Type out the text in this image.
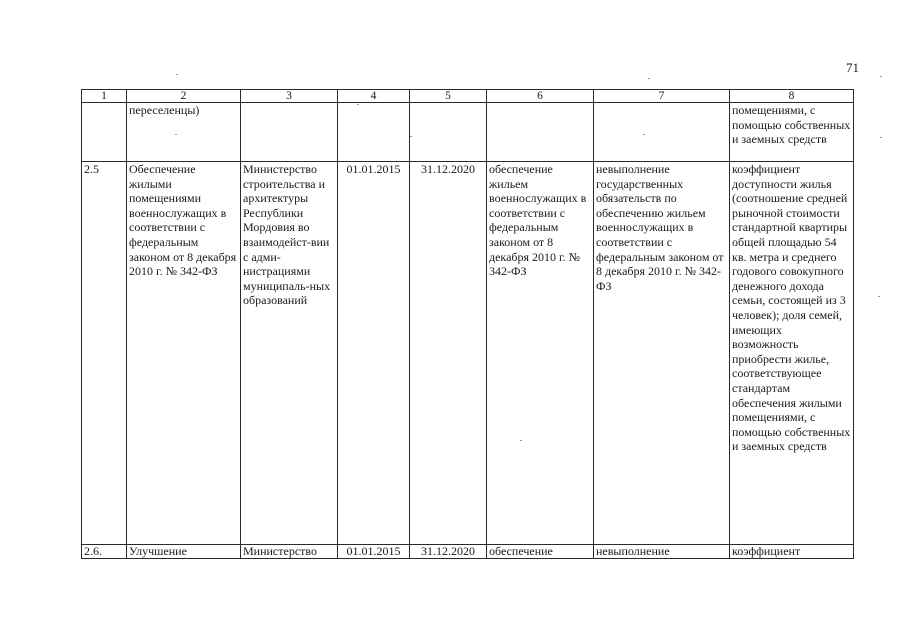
71
1	2	3	4	5	6	7	8
	переселенцы)						помещениями, с помощью собственных и заемных средств
2.5	Обеспечение жилыми помещениями военнослужащих в соответствии с федеральным законом от 8 декабря 2010 г. № 342-ФЗ	Министерство строительства и архитектуры Республики Мордовия во взаимодейст-вии с адми-нистрациями муниципаль-ных образований	01.01.2015	31.12.2020	обеспечение жильем военнослужащих в соответствии с федеральным законом от 8 декабря 2010 г. № 342-ФЗ	невыполнение государственных обязательств по обеспечению жильем военнослужащих в соответствии с федеральным законом от 8 декабря 2010 г. № 342-ФЗ	коэффициент доступности жилья (соотношение средней рыночной стоимости стандартной квартиры общей площадью 54 кв. метра и среднего годового совокупного денежного дохода семьи, состоящей из 3 человек); доля семей, имеющих возможность приобрести жилье, соответствующее стандартам обеспечения жилыми помещениями, с помощью собственных и заемных средств
2.6.	Улучшение	Министерство	01.01.2015	31.12.2020	обеспечение	невыполнение	коэффициент
